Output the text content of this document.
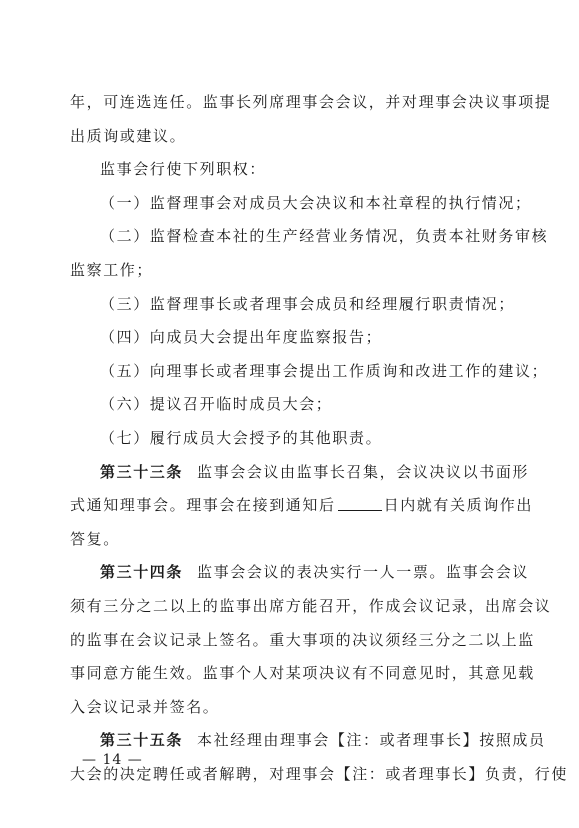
年，可连选连任。监事长列席理事会会议，并对理事会决议事项提
出质询或建议。
监事会行使下列职权：
（一）监督理事会对成员大会决议和本社章程的执行情况；
（二）监督检查本社的生产经营业务情况，负责本社财务审核
监察工作；
（三）监督理事长或者理事会成员和经理履行职责情况；
（四）向成员大会提出年度监察报告；
（五）向理事长或者理事会提出工作质询和改进工作的建议；
（六）提议召开临时成员大会；
（七）履行成员大会授予的其他职责。
第三十三条 监事会会议由监事长召集，会议决议以书面形
式通知理事会。理事会在接到通知后	日内就有关质询作出
答复。
第三十四条 监事会会议的表决实行一人一票。监事会会议
须有三分之二以上的监事出席方能召开，作成会议记录，出席会议
的监事在会议记录上签名。重大事项的决议须经三分之二以上监
事同意方能生效。监事个人对某项决议有不同意见时，其意见载
入会议记录并签名。
第三十五条 本社经理由理事会【注：或者理事长】按照成员
大会的决定聘任或者解聘，对理事会【注：或者理事长】负责，行使
— 14 —
